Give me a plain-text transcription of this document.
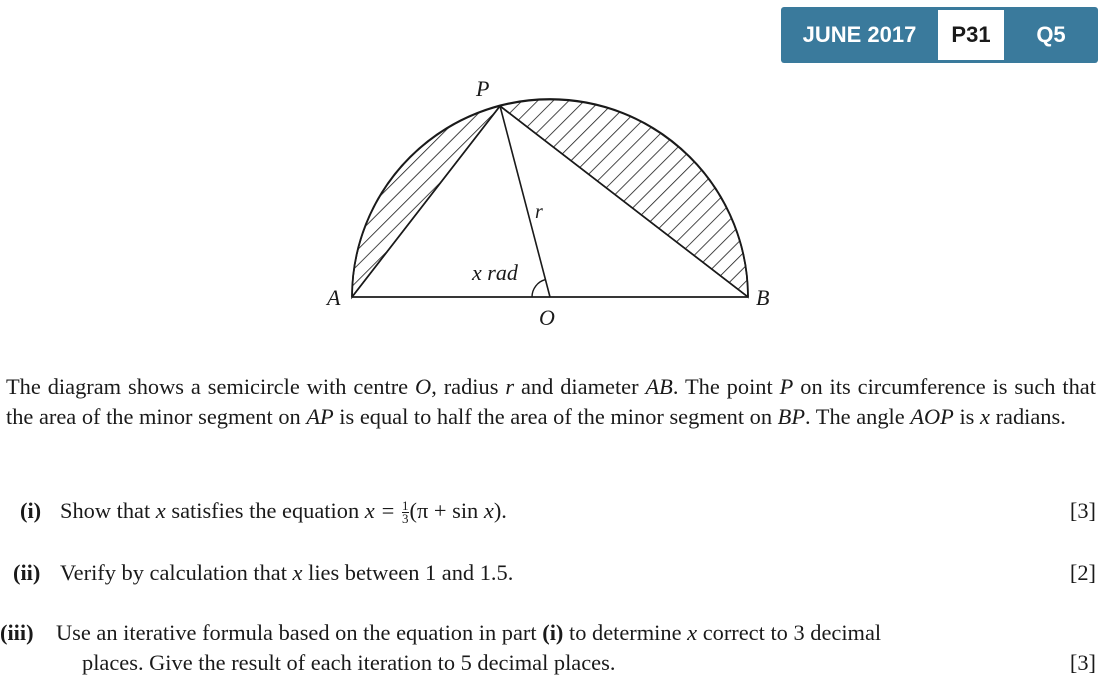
JUNE 2017	P31	Q5
P
A	B
O
r
x rad
The diagram shows a semicircle with centre O, radius r and diameter AB. The point P on its circumference is such that the area of the minor segment on AP is equal to half the area of the minor segment on BP. The angle AOP is x radians.
(i) Show that x satisfies the equation $x = \frac{1}{3} (\pi + \sin x)$.	[3]
(ii) Verify by calculation that x lies between 1 and 1.5.	[2]
(iii) Use an iterative formula based on the equation in part (i) to determine x correct to 3 decimal
places. Give the result of each iteration to 5 decimal places.	[3]
